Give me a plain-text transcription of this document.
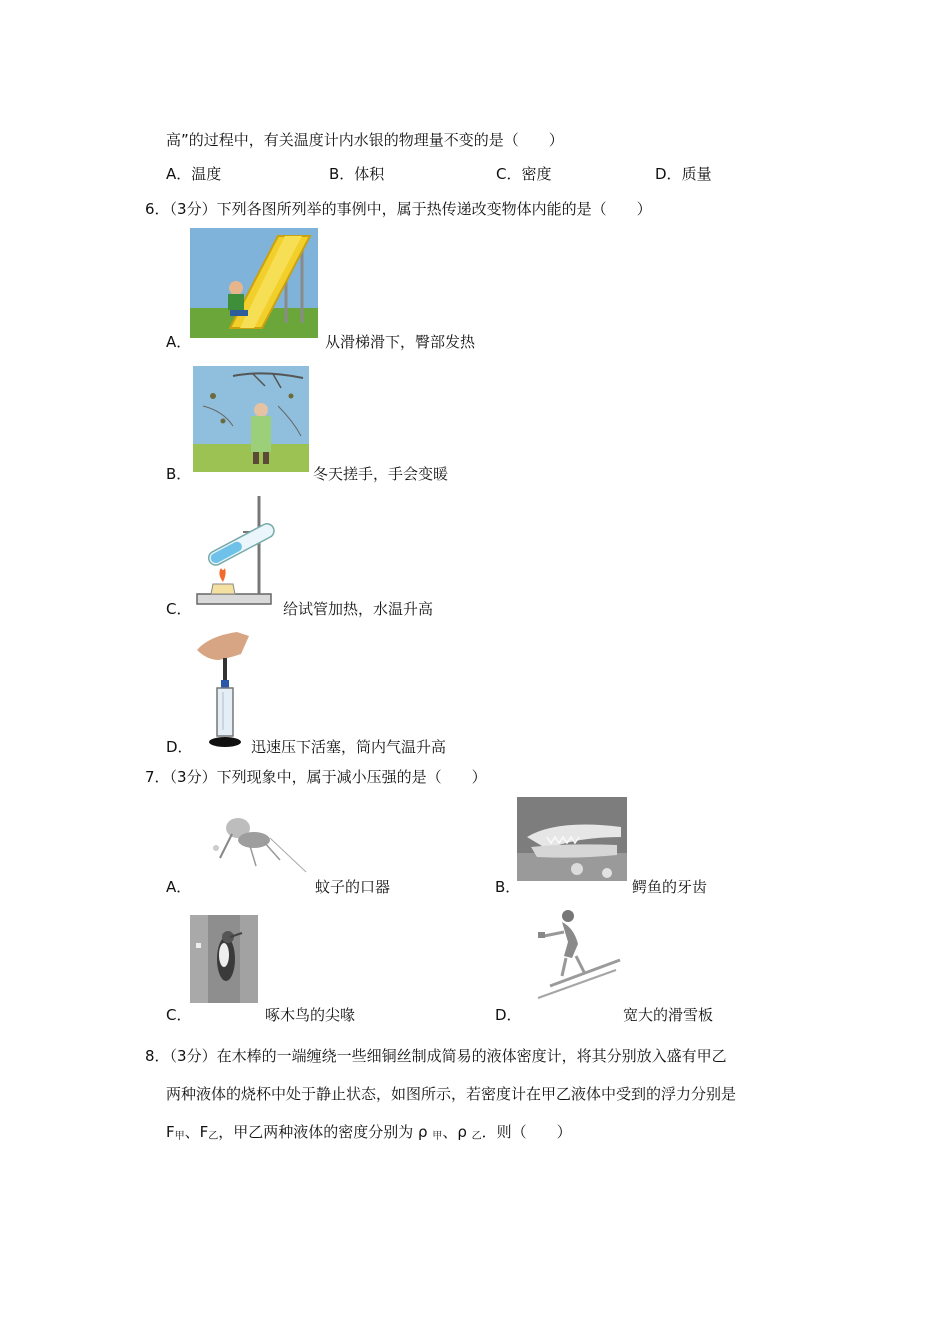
高”的过程中，有关温度计内水银的物理量不变的是（　　）
A．温度	B．体积	C．密度	D．质量
6．（3分）下列各图所列举的事例中，属于热传递改变物体内能的是（　　）
A．	从滑梯滑下，臀部发热
B．	冬天搓手，手会变暖
C．	给试管加热，水温升高
D．	迅速压下活塞，筒内气温升高
7．（3分）下列现象中，属于减小压强的是（　　）
A．	蚊子的口器	B．	鳄鱼的牙齿
C．	啄木鸟的尖喙	D．	宽大的滑雪板
8．（3分）在木棒的一端缠绕一些细铜丝制成简易的液体密度计，将其分别放入盛有甲乙
两种液体的烧杯中处于静止状态，如图所示，若密度计在甲乙液体中受到的浮力分别是
$F_甲$、$F_乙$，甲乙两种液体的密度分别为 ρ $_甲$、ρ $_乙$．则（　　）
